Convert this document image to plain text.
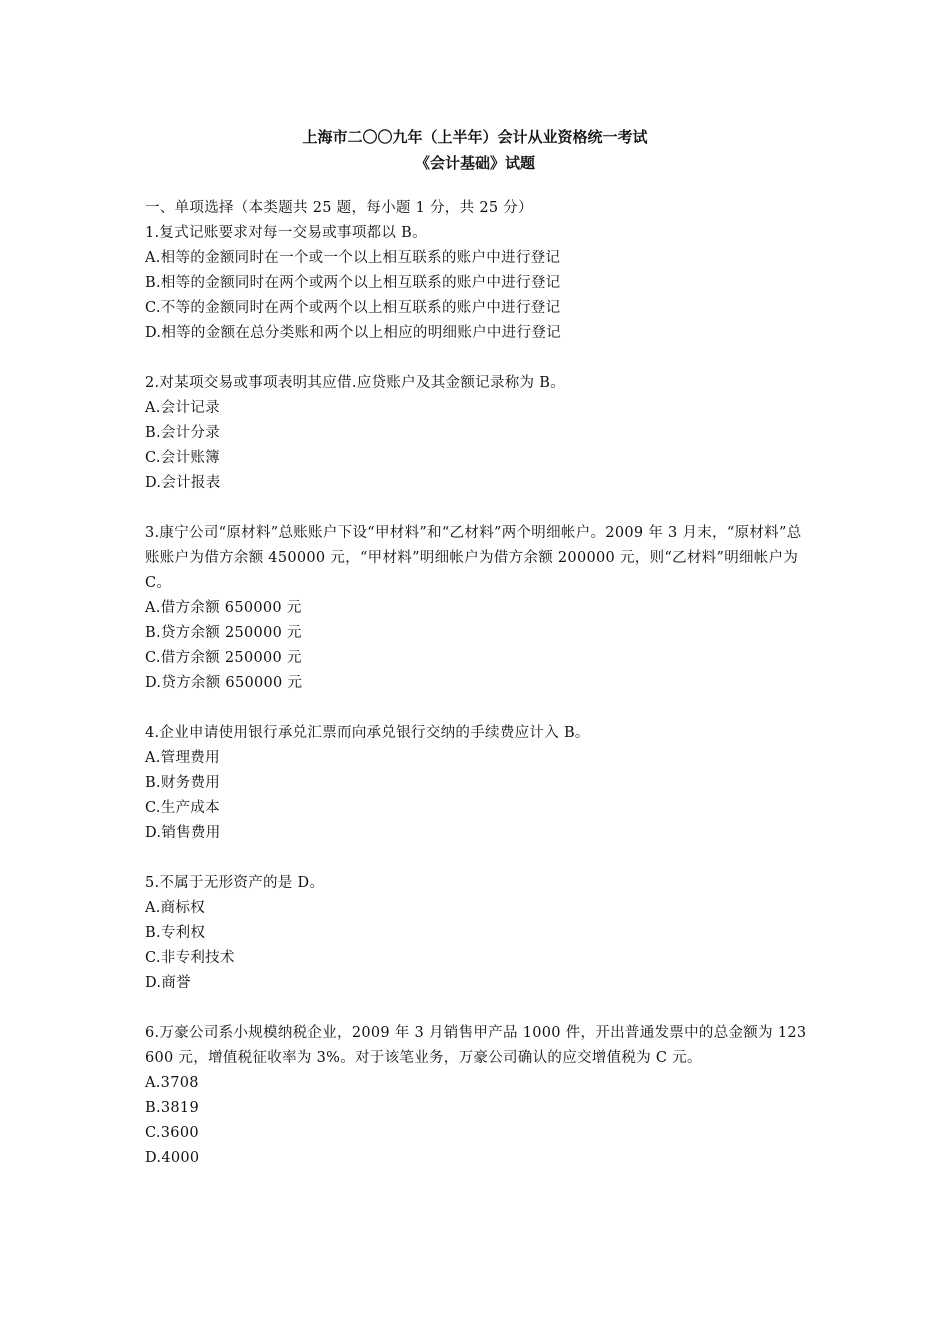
上海市二〇〇九年（上半年）会计从业资格统一考试
《会计基础》试题

一、单项选择（本类题共 25 题，每小题 1 分，共 25 分）

1.复式记账要求对每一交易或事项都以 B。

A.相等的金额同时在一个或一个以上相互联系的账户中进行登记

B.相等的金额同时在两个或两个以上相互联系的账户中进行登记

C.不等的金额同时在两个或两个以上相互联系的账户中进行登记

D.相等的金额在总分类账和两个以上相应的明细账户中进行登记

2.对某项交易或事项表明其应借.应贷账户及其金额记录称为 B。

A.会计记录

B.会计分录

C.会计账簿

D.会计报表

3.康宁公司“原材料”总账账户下设“甲材料”和“乙材料”两个明细帐户。2009 年 3 月末，“原材料”总账账户为借方余额 450000 元，“甲材料”明细帐户为借方余额 200000 元，则“乙材料”明细帐户为 C。

A.借方余额 650000 元

B.贷方余额 250000 元

C.借方余额 250000 元

D.贷方余额 650000 元

4.企业申请使用银行承兑汇票而向承兑银行交纳的手续费应计入 B。

A.管理费用

B.财务费用

C.生产成本

D.销售费用

5.不属于无形资产的是 D。

A.商标权

B.专利权

C.非专利技术

D.商誉

6.万豪公司系小规模纳税企业，2009 年 3 月销售甲产品 1000 件，开出普通发票中的总金额为 123600 元，增值税征收率为 3%。对于该笔业务，万豪公司确认的应交增值税为 C 元。

A.3708

B.3819

C.3600

D.4000
